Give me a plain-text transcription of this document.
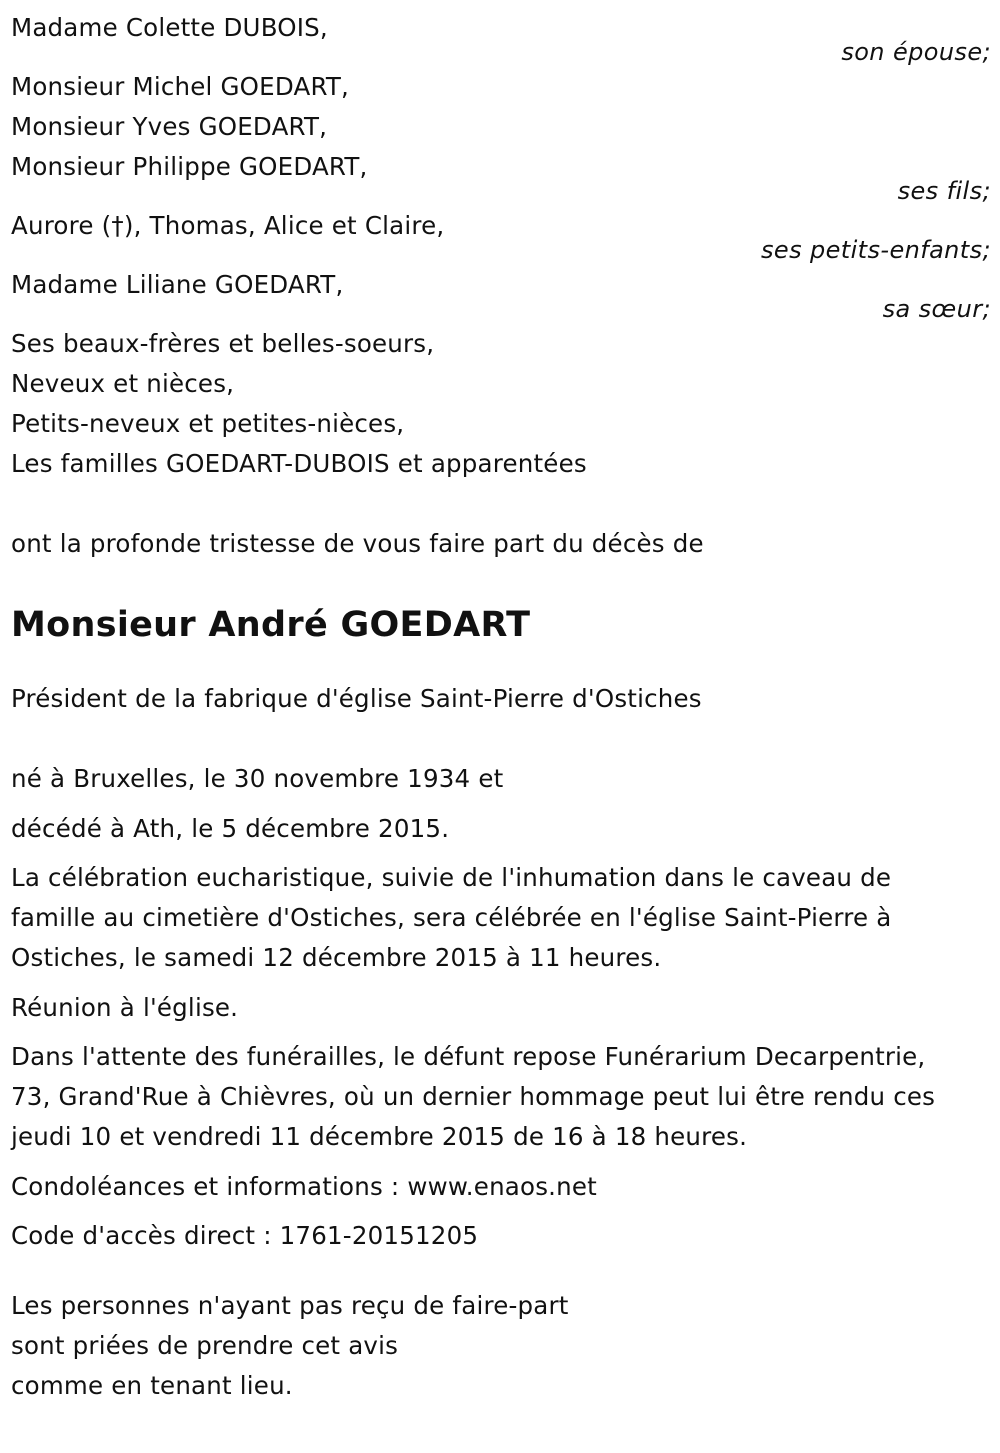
Madame Colette DUBOIS,
son épouse;
Monsieur Michel GOEDART,
Monsieur Yves GOEDART,
Monsieur Philippe GOEDART,
ses fils;
Aurore (†), Thomas, Alice et Claire,
ses petits-enfants;
Madame Liliane GOEDART,
sa sœur;
Ses beaux-frères et belles-soeurs,
Neveux et nièces,
Petits-neveux et petites-nièces,
Les familles GOEDART-DUBOIS et apparentées
ont la profonde tristesse de vous faire part du décès de
Monsieur André GOEDART
Président de la fabrique d'église Saint-Pierre d'Ostiches
né à Bruxelles, le 30 novembre 1934 et
décédé à Ath, le 5 décembre 2015.
La célébration eucharistique, suivie de l'inhumation dans le caveau de
famille au cimetière d'Ostiches, sera célébrée en l'église Saint-Pierre à
Ostiches, le samedi 12 décembre 2015 à 11 heures.
Réunion à l'église.
Dans l'attente des funérailles, le défunt repose Funérarium Decarpentrie,
73, Grand'Rue à Chièvres, où un dernier hommage peut lui être rendu ces
jeudi 10 et vendredi 11 décembre 2015 de 16 à 18 heures.
Condoléances et informations : www.enaos.net
Code d'accès direct : 1761-20151205
Les personnes n'ayant pas reçu de faire-part
sont priées de prendre cet avis
comme en tenant lieu.
